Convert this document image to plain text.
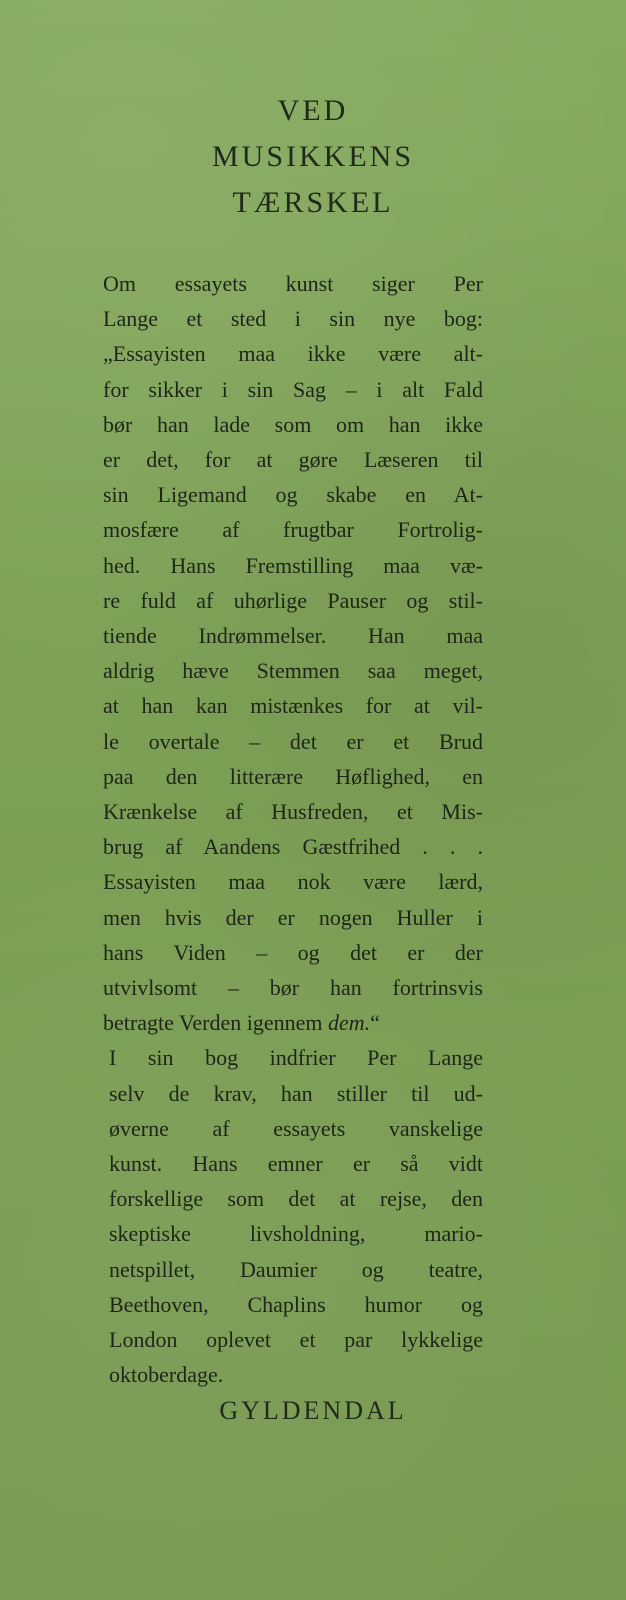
VED
MUSIKKENS
TÆRSKEL

Om essayets kunst siger Per
Lange et sted i sin nye bog:
„Essayisten maa ikke være alt-
for sikker i sin Sag – i alt Fald
bør han lade som om han ikke
er det, for at gøre Læseren til
sin Ligemand og skabe en At-
mosfære af frugtbar Fortrolig-
hed. Hans Fremstilling maa væ-
re fuld af uhørlige Pauser og stil-
tiende Indrømmelser. Han maa
aldrig hæve Stemmen saa meget,
at han kan mistænkes for at vil-
le overtale – det er et Brud
paa den litterære Høflighed, en
Krænkelse af Husfreden, et Mis-
brug af Aandens Gæstfrihed . . .
Essayisten maa nok være lærd,
men hvis der er nogen Huller i
hans Viden – og det er der
utvivlsomt – bør han fortrinsvis
betragte Verden igennem dem.“

I sin bog indfrier Per Lange
selv de krav, han stiller til ud-
øverne af essayets vanskelige
kunst. Hans emner er så vidt
forskellige som det at rejse, den
skeptiske livsholdning, mario-
netspillet, Daumier og teatre,
Beethoven, Chaplins humor og
London oplevet et par lykkelige
oktoberdage.

GYLDENDAL
